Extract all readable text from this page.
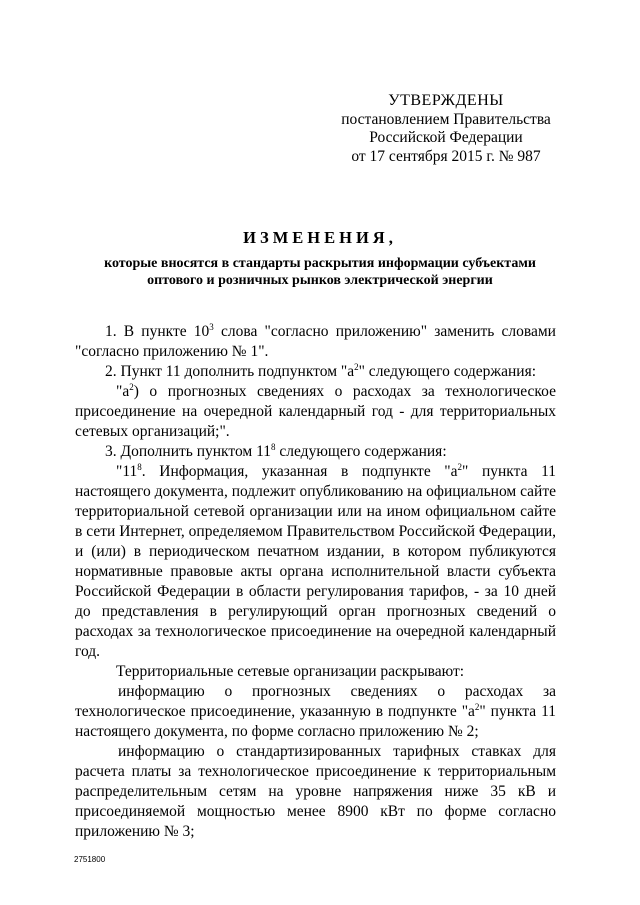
УТВЕРЖДЕНЫ
постановлением Правительства
Российской Федерации
от 17 сентября 2015 г. № 987
ИЗМЕНЕНИЯ,
которые вносятся в стандарты раскрытия информации субъектами
оптового и розничных рынков электрической энергии

1. В пункте $10^3$ слова "согласно приложению" заменить словами "согласно приложению № 1".

2. Пункт 11 дополнить подпунктом "$а^2$" следующего содержания:

"$а^2$) о прогнозных сведениях о расходах за технологическое присоединение на очередной календарный год - для территориальных сетевых организаций;".

3. Дополнить пунктом $11^8$ следующего содержания:

"$11^8$. Информация, указанная в подпункте "$а^2$" пункта 11 настоящего документа, подлежит опубликованию на официальном сайте территориальной сетевой организации или на ином официальном сайте в сети Интернет, определяемом Правительством Российской Федерации, и (или) в периодическом печатном издании, в котором публикуются нормативные правовые акты органа исполнительной власти субъекта Российской Федерации в области регулирования тарифов, - за 10 дней до представления в регулирующий орган прогнозных сведений о расходах за технологическое присоединение на очередной календарный год.

Территориальные сетевые организации раскрывают:

информацию о прогнозных сведениях о расходах за технологическое присоединение, указанную в подпункте "$а^2$" пункта 11 настоящего документа, по форме согласно приложению № 2;

информацию о стандартизированных тарифных ставках для расчета платы за технологическое присоединение к территориальным распределительным сетям на уровне напряжения ниже 35 кВ и присоединяемой мощностью менее 8900 кВт по форме согласно приложению № 3;

2751800
